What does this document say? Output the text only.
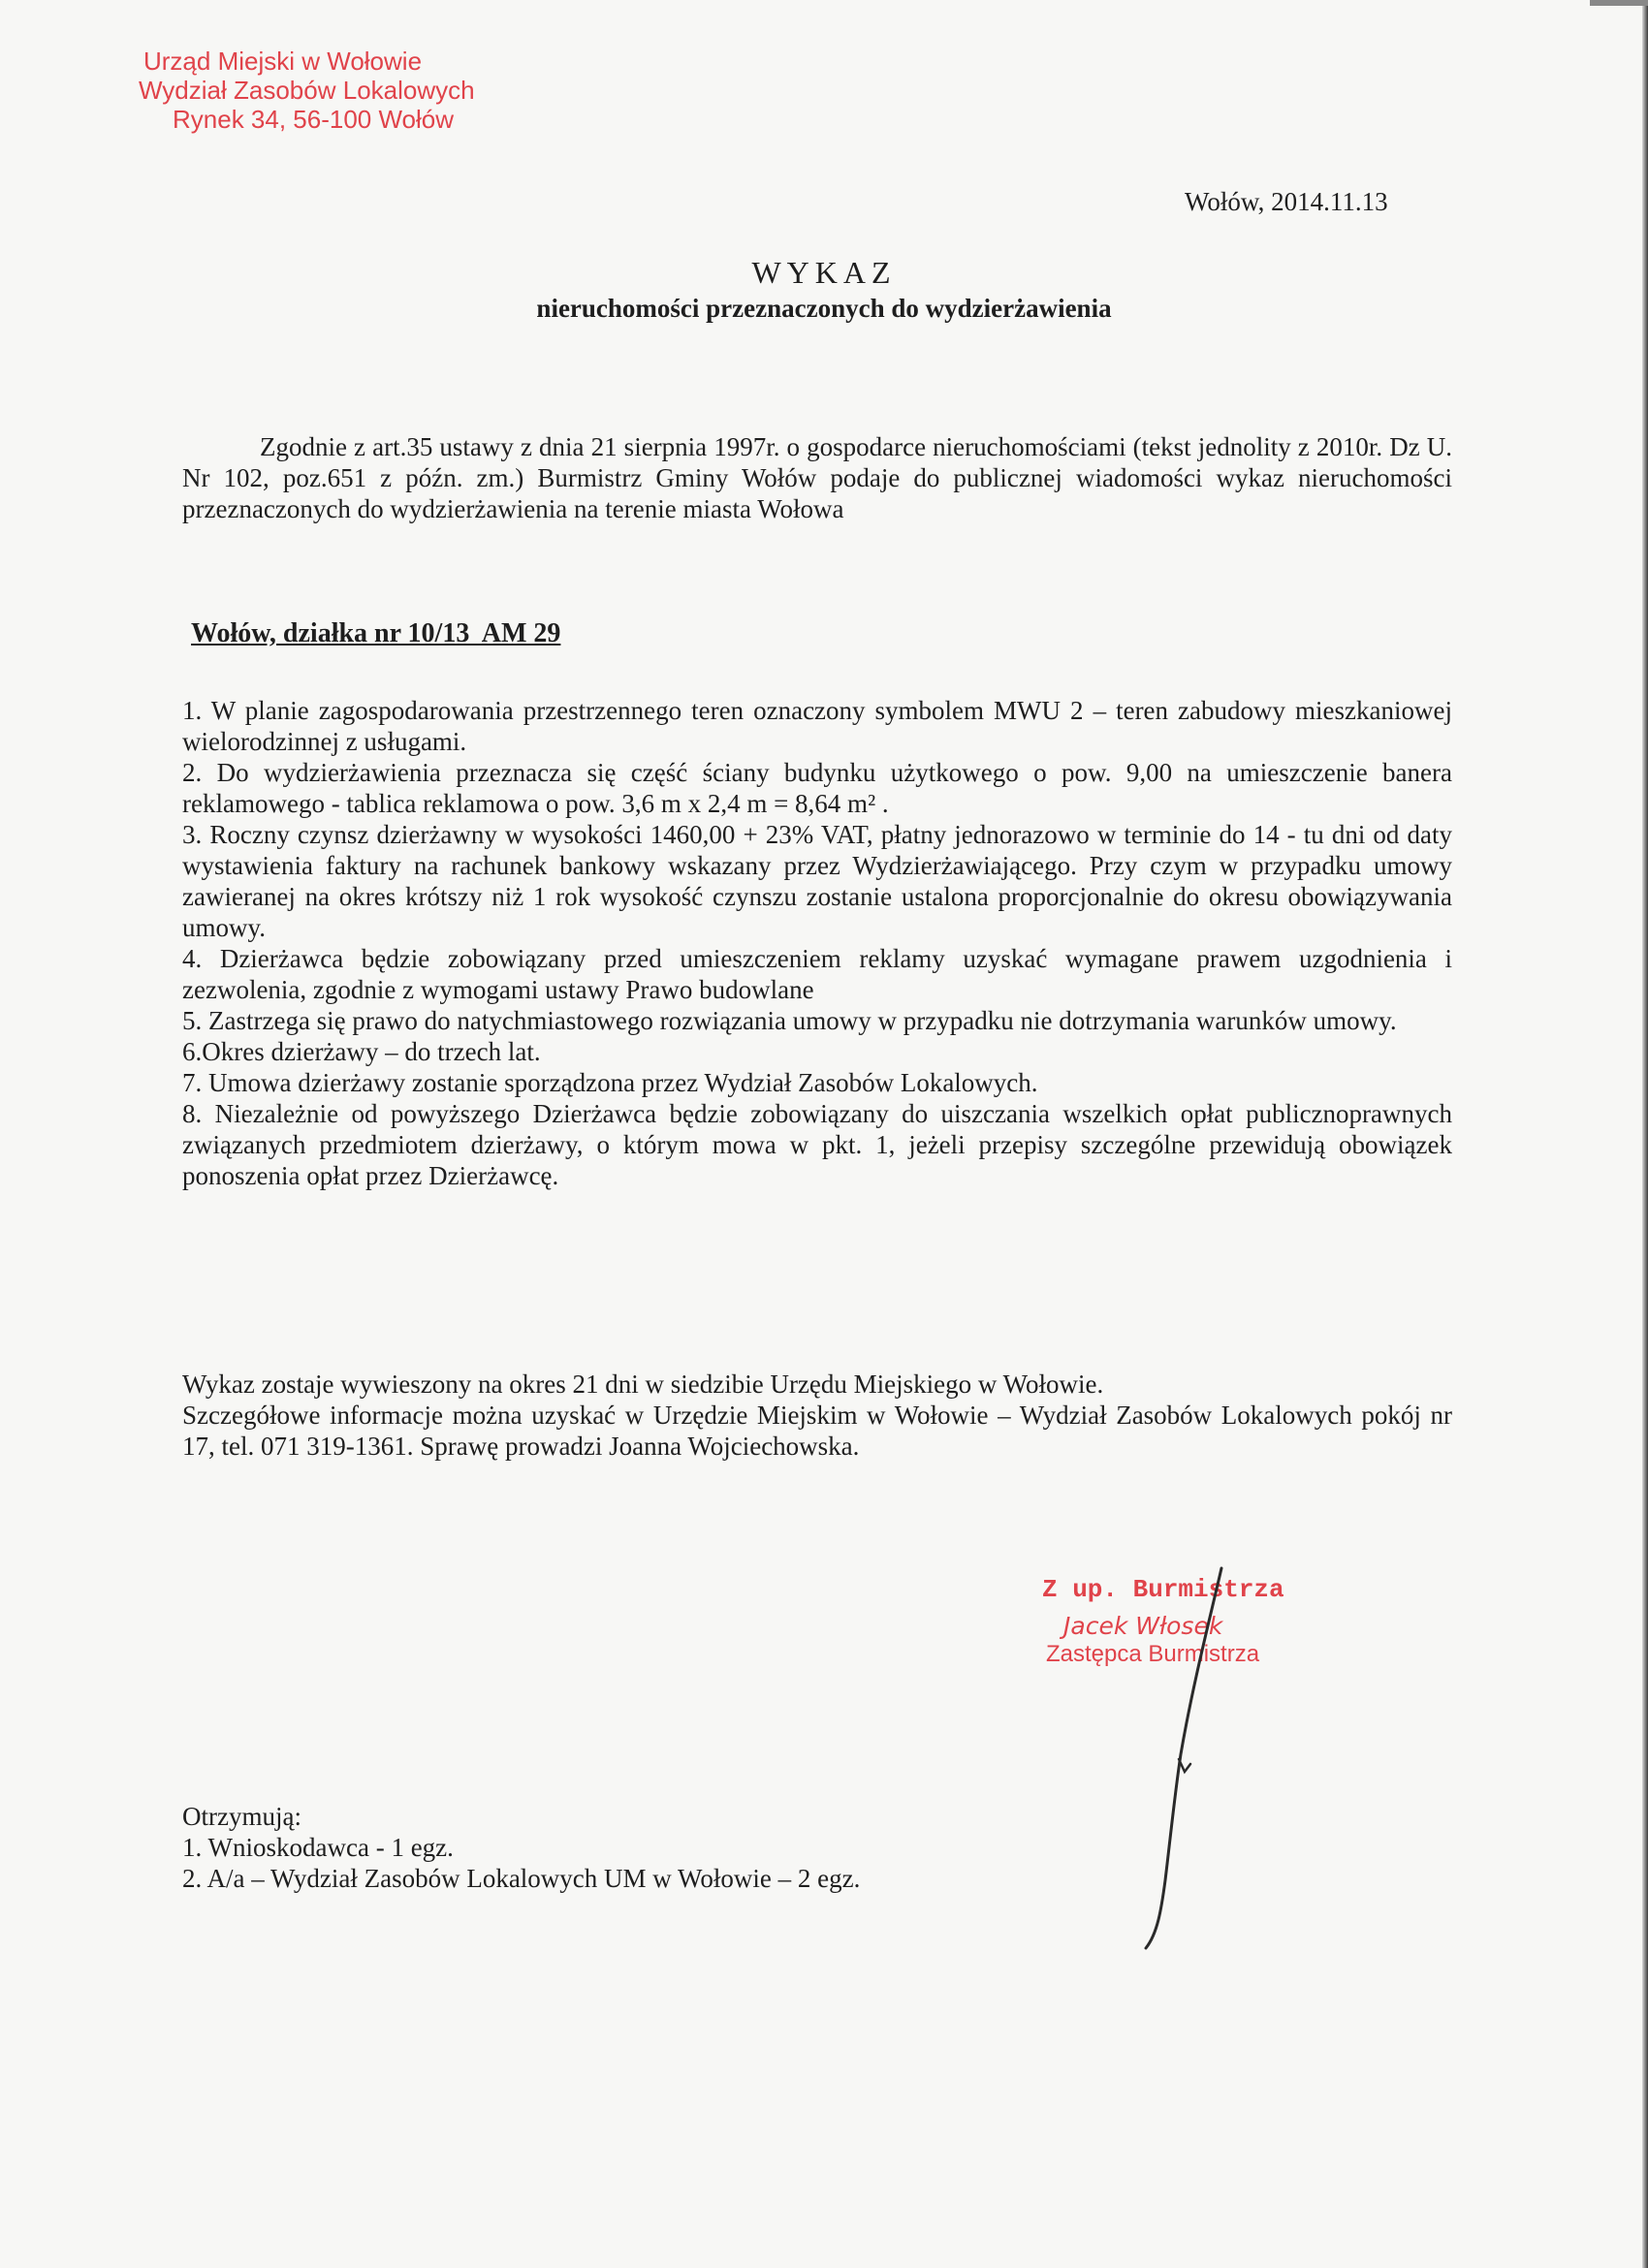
Urząd Miejski w Wołowie
Wydział Zasobów Lokalowych
Rynek 34, 56-100 Wołów
Wołów, 2014.11.13
WYKAZ
nieruchomości przeznaczonych do wydzierżawienia
Zgodnie z art.35 ustawy z dnia 21 sierpnia 1997r. o gospodarce nieruchomościami (tekst jednolity z 2010r. Dz U. Nr 102, poz.651 z późn. zm.) Burmistrz Gminy Wołów podaje do publicznej wiadomości wykaz nieruchomości przeznaczonych do wydzierżawienia na terenie miasta Wołowa
Wołów, działka nr 10/13  AM 29

1. W planie zagospodarowania przestrzennego teren oznaczony symbolem MWU 2 – teren zabudowy mieszkaniowej wielorodzinnej z usługami.

2. Do wydzierżawienia przeznacza się część ściany budynku użytkowego o pow. 9,00 na umieszczenie banera reklamowego - tablica reklamowa o pow. 3,6 m x 2,4 m = 8,64 m² .

3. Roczny czynsz dzierżawny w wysokości 1460,00 + 23% VAT, płatny jednorazowo w terminie do 14 - tu dni od daty wystawienia faktury na rachunek bankowy wskazany przez Wydzierżawiającego. Przy czym w przypadku umowy zawieranej na okres krótszy niż 1 rok wysokość czynszu zostanie ustalona proporcjonalnie do okresu obowiązywania umowy.

4. Dzierżawca będzie zobowiązany przed umieszczeniem reklamy uzyskać wymagane prawem uzgodnienia i zezwolenia, zgodnie z wymogami ustawy Prawo budowlane

5. Zastrzega się prawo do natychmiastowego rozwiązania umowy w przypadku nie dotrzymania warunków umowy.

6.Okres dzierżawy – do trzech lat.

7. Umowa dzierżawy zostanie sporządzona przez Wydział Zasobów Lokalowych.

8. Niezależnie od powyższego Dzierżawca będzie zobowiązany do uiszczania wszelkich opłat publicznoprawnych związanych przedmiotem dzierżawy, o którym mowa w pkt. 1, jeżeli przepisy szczególne przewidują obowiązek ponoszenia opłat przez Dzierżawcę.

Wykaz zostaje wywieszony na okres 21 dni w siedzibie Urzędu Miejskiego w Wołowie.

Szczegółowe informacje można uzyskać w Urzędzie Miejskim w Wołowie – Wydział Zasobów Lokalowych pokój nr 17, tel. 071 319-1361. Sprawę prowadzi Joanna Wojciechowska.

Z up. Burmistrza
Jacek Włosek
Zastępca Burmistrza

Otrzymują:

1. Wnioskodawca - 1 egz.

2. A/a – Wydział Zasobów Lokalowych UM w Wołowie – 2 egz.
